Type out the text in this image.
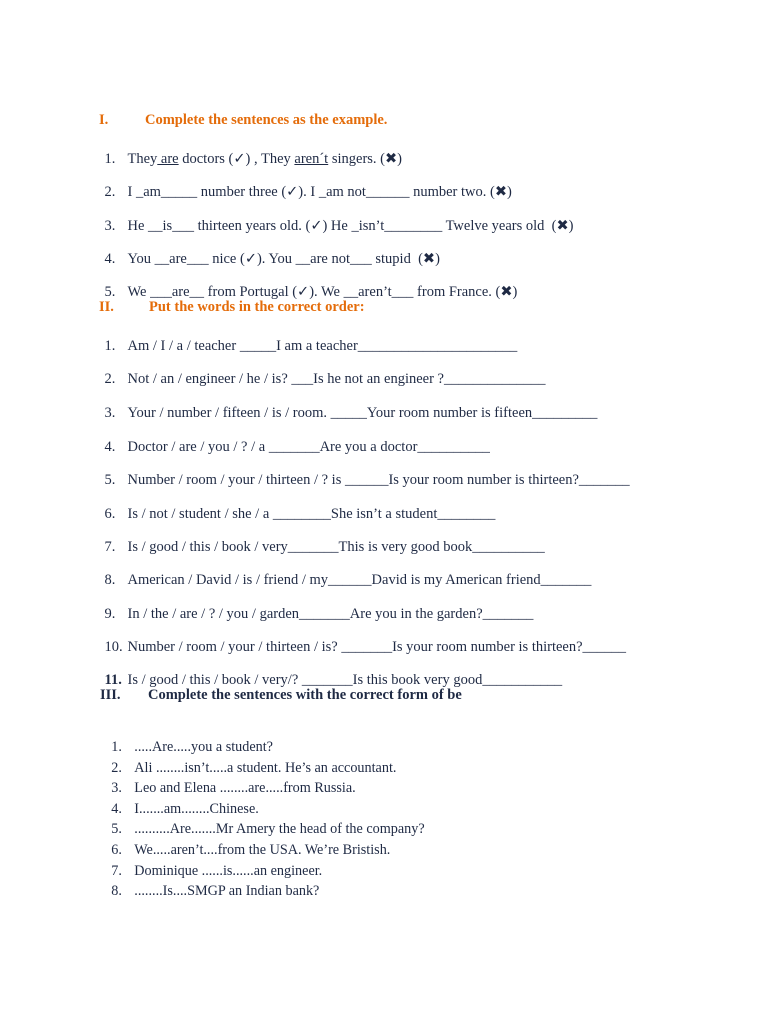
I.	Complete the sentences as the example.

1. They are doctors (✓) , They aren´t singers. (✖)

2. I _am_____ number three (✓). I _am not______ number two. (✖)

3. He __is___ thirteen years old. (✓) He _isn’t________ Twelve years old  (✖)

4. You __are___ nice (✓). You __are not___ stupid  (✖)

5. We ___are__ from Portugal (✓). We __aren’t___ from France. (✖)

II. Put the words in the correct order:

1. Am / I / a / teacher _____I am a teacher______________________

2. Not / an / engineer / he / is? ___Is he not an engineer ?______________

3. Your / number / fifteen / is / room. _____Your room number is fifteen_________

4. Doctor / are / you / ? / a _______Are you a doctor__________

5. Number / room / your / thirteen / ? is ______Is your room number is thirteen?_______

6. Is / not / student / she / a ________She isn’t a student________

7. Is / good / this / book / very_______This is very good book__________

8. American / David / is / friend / my______David is my American friend_______

9. In / the / are / ? / you / garden_______Are you in the garden?_______

10. Number / room / your / thirteen / is? _______Is your room number is thirteen?______

11. Is / good / this / book / very/? _______Is this book very good___________

III. Complete the sentences with the correct form of be

1. .....Are.....you a student?

2. Ali ........isn’t.....a student. He’s an accountant.

3. Leo and Elena ........are.....from Russia.

4. I.......am........Chinese.

5. ..........Are.......Mr Amery the head of the company?

6. We.....aren’t....from the USA. We’re Bristish.

7. Dominique ......is......an engineer.

8. ........Is....SMGP an Indian bank?
